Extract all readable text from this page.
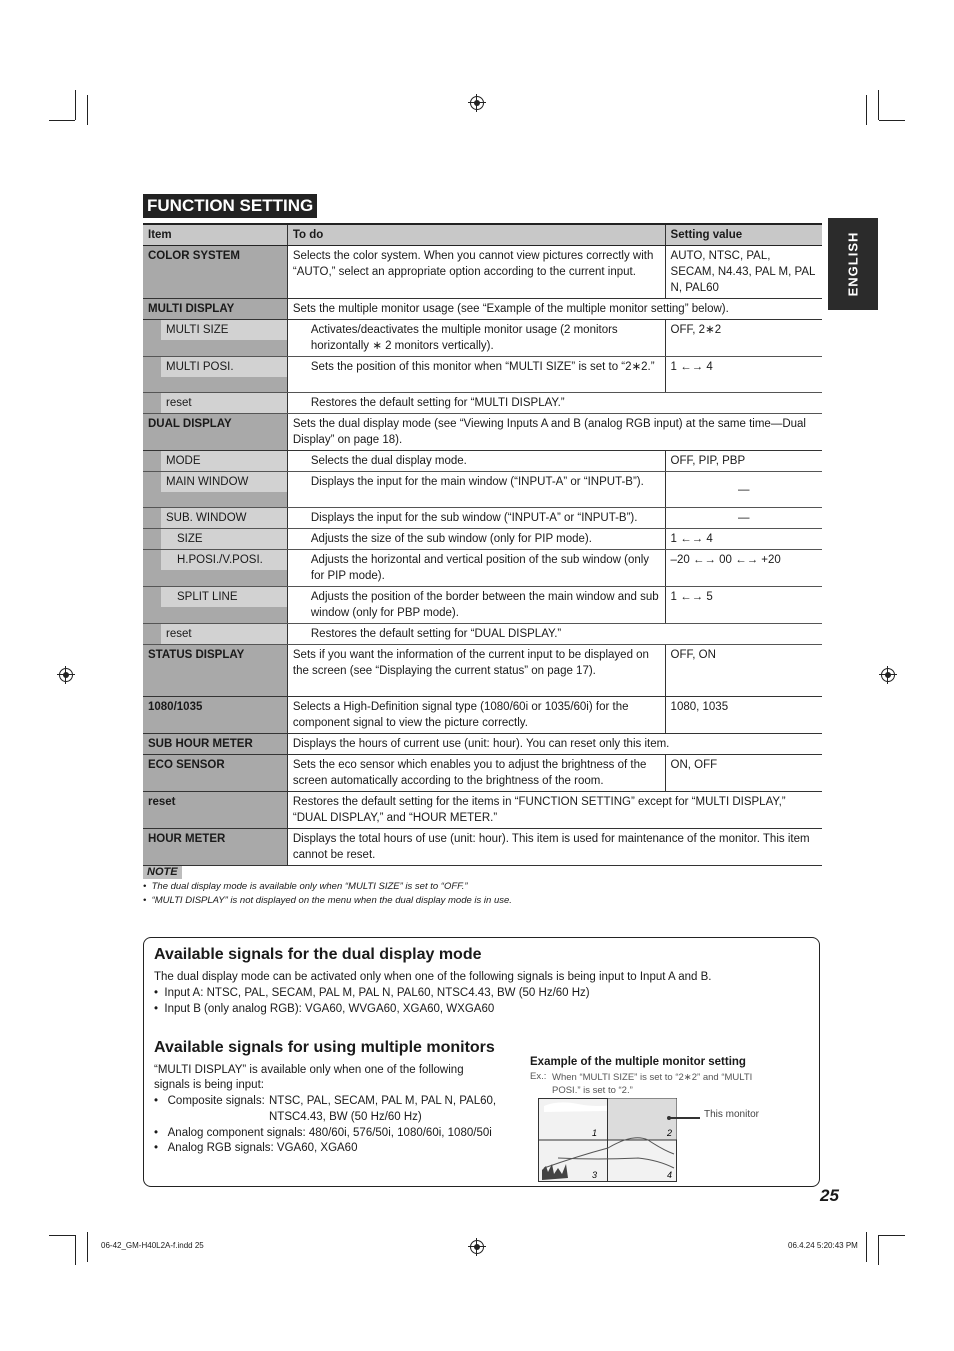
FUNCTION SETTING
ENGLISH
Item	To do	Setting value
COLOR SYSTEM	Selects the color system. When you cannot view pictures correctly with “AUTO,” select an appropriate option according to the current input.	AUTO, NTSC, PAL, SECAM, N4.43, PAL M, PAL N, PAL60
MULTI DISPLAY	Sets the multiple monitor usage (see “Example of the multiple monitor setting” below).	

MULTI SIZE	Activates/deactivates the multiple monitor usage (2 monitors horizontally ∗ 2 monitors vertically).	OFF, 2∗2

MULTI POSI.	Sets the position of this monitor when “MULTI SIZE” is set to “2∗2.”	1 ←→ 4

reset	Restores the default setting for “MULTI DISPLAY.”	
DUAL DISPLAY	Sets the dual display mode (see “Viewing Inputs A and B (analog RGB input) at the same time—Dual Display” on page 18).	

MODE	Selects the dual display mode.	OFF, PIP, PBP

MAIN WINDOW	Displays the input for the main window (“INPUT-A” or “INPUT-B”).	—

SUB. WINDOW	Displays the input for the sub window (“INPUT-A” or “INPUT-B”).	—

SIZE	Adjusts the size of the sub window (only for PIP mode).	1 ←→ 4

H.POSI./V.POSI.	Adjusts the horizontal and vertical position of the sub window (only for PIP mode).	–20 ←→ 00 ←→ +20

SPLIT LINE	Adjusts the position of the border between the main window and sub window (only for PBP mode).	1 ←→ 5

reset	Restores the default setting for “DUAL DISPLAY.”	
STATUS DISPLAY	Sets if you want the information of the current input to be displayed on the screen (see “Displaying the current status” on page 17).	OFF, ON
1080/1035	Selects a High-Definition signal type (1080/60i or 1035/60i) for the component signal to view the picture correctly.	1080, 1035
SUB HOUR METER	Displays the hours of current use (unit: hour). You can reset only this item.	
ECO SENSOR	Sets the eco sensor which enables you to adjust the brightness of the screen automatically according to the brightness of the room.	ON, OFF
reset	Restores the default setting for the items in “FUNCTION SETTING” except for “MULTI DISPLAY,” “DUAL DISPLAY,” and “HOUR METER.”	
HOUR METER	Displays the total hours of use (unit: hour). This item is used for maintenance of the monitor. This item cannot be reset.	
NOTE
•  The dual display mode is available only when “MULTI SIZE” is set to “OFF.”
•  “MULTI DISPLAY” is not displayed on the menu when the dual display mode is in use.
Available signals for the dual display mode
The dual display mode can be activated only when one of the following signals is being input to Input A and B.
•  Input A: NTSC, PAL, SECAM, PAL M, PAL N, PAL60, NTSC4.43, BW (50 Hz/60 Hz)
•  Input B (only analog RGB): VGA60, WVGA60, XGA60, WXGA60
Available signals for using multiple monitors
“MULTI DISPLAY” is available only when one of the following
signals is being input:
•   Composite signals: NTSC, PAL, SECAM, PAL M, PAL N, PAL60,
NTSC4.43, BW (50 Hz/60 Hz)
•   Analog component signals: 480/60i, 576/50i, 1080/60i, 1080/50i
•   Analog RGB signals: VGA60, XGA60
Example of the multiple monitor setting
Ex.: When “MULTI SIZE” is set to “2∗2” and “MULTI
POSI.” is set to “2.”
1	2
3	4
This monitor
25
06-42_GM-H40L2A-f.indd 25	06.4.24 5:20:43 PM
